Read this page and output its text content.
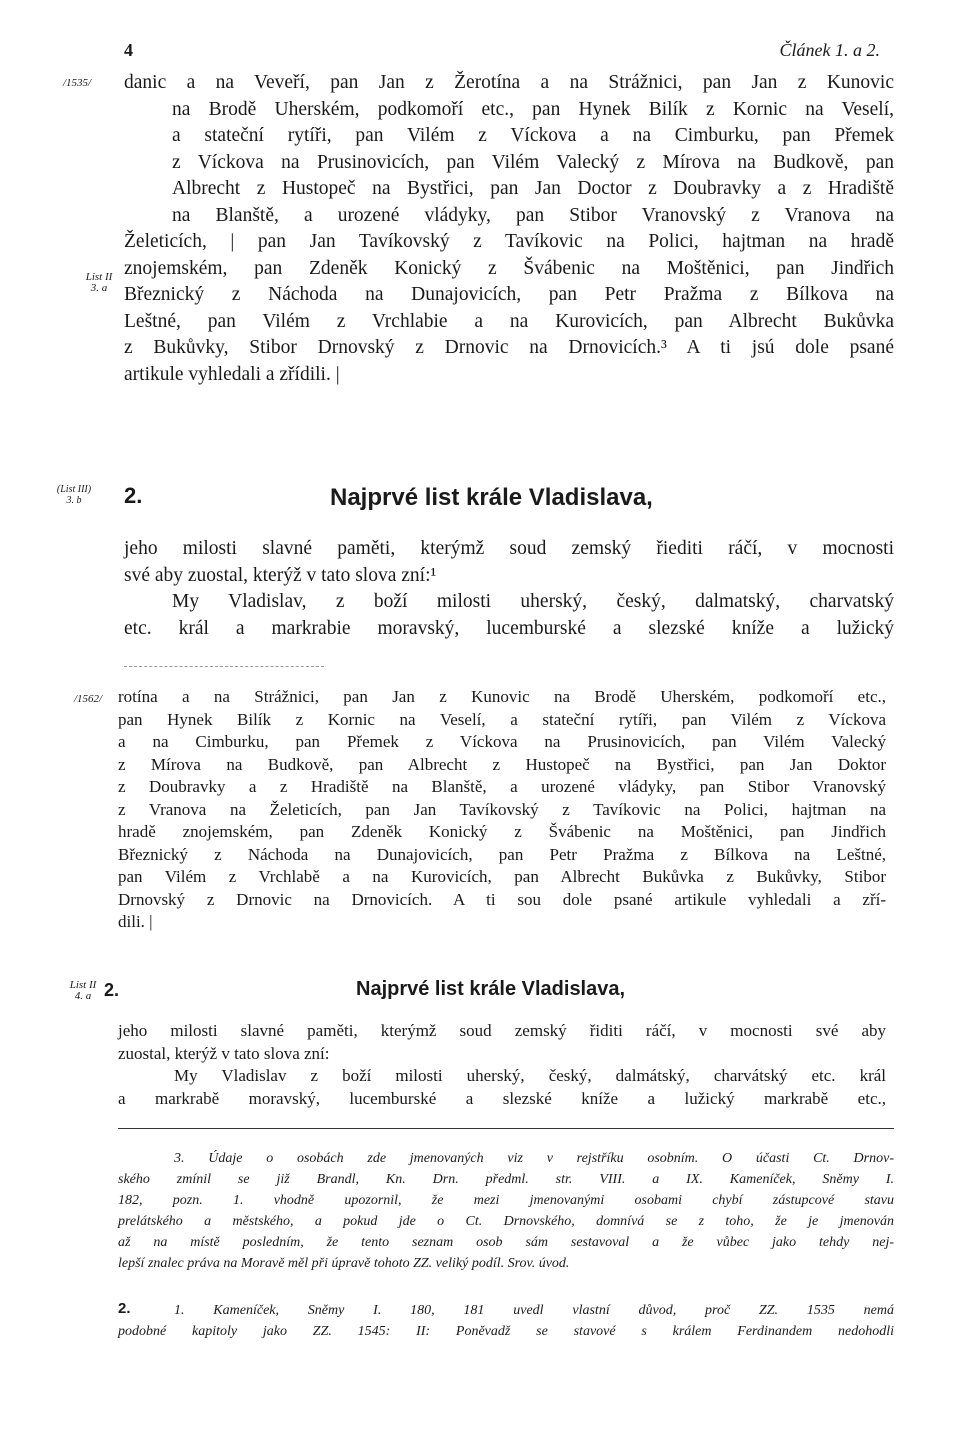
4	Článek 1. a 2.
/1535/
List II
3. a
danic a na Veveří, pan Jan z Žerotína a na Strážnici, pan Jan z Kunovic
na Brodě Uherském, podkomoří etc., pan Hynek Bilík z Kornic na Veselí,
a stateční rytíři, pan Vilém z Víckova a na Cimburku, pan Přemek
z Víckova na Prusinovicích, pan Vilém Valecký z Mírova na Budkově, pan
Albrecht z Hustopeč na Bystřici, pan Jan Doctor z Doubravky a z Hradiště
na Blanště, a urozené vládyky, pan Stibor Vranovský z Vranova na
Želeticích, | pan Jan Tavíkovský z Tavíkovic na Polici, hajtman na hradě
znojemském, pan Zdeněk Konický z Švábenic na Moštěnici, pan Jindřich
Březnický z Náchoda na Dunajovicích, pan Petr Pražma z Bílkova na
Leštné, pan Vilém z Vrchlabie a na Kurovicích, pan Albrecht Bukůvka
z Bukůvky, Stibor Drnovský z Drnovic na Drnovicích.³ A ti jsú dole psané
artikule vyhledali a zřídili. |
(List III)
3. b	2.	Najprvé list krále Vladislava,
jeho milosti slavné paměti, kterýmž soud zemský řiediti ráčí, v mocnosti
své aby zuostal, kterýž v tato slova zní:¹
My Vladislav, z boží milosti uherský, český, dalmatský, charvatský
etc. král a markrabie moravský, lucemburské a slezské kníže a lužický
/1562/ rotína a na Strážnici, pan Jan z Kunovic na Brodě Uherském, podkomoří etc.,
pan Hynek Bilík z Kornic na Veselí, a stateční rytíři, pan Vilém z Víckova
a na Cimburku, pan Přemek z Víckova na Prusinovicích, pan Vilém Valecký
z Mírova na Budkově, pan Albrecht z Hustopeč na Bystřici, pan Jan Doktor
z Doubravky a z Hradiště na Blanště, a urozené vládyky, pan Stibor Vranovský
z Vranova na Želeticích, pan Jan Tavíkovský z Tavíkovic na Polici, hajtman na
hradě znojemském, pan Zdeněk Konický z Švábenic na Moštěnici, pan Jindřich
Březnický z Náchoda na Dunajovicích, pan Petr Pražma z Bílkova na Leštné,
pan Vilém z Vrchlabě a na Kurovicích, pan Albrecht Bukůvka z Bukůvky, Stibor
Drnovský z Drnovic na Drnovicích. A ti sou dole psané artikule vyhledali a zří-
dili. |
List II
4. a 2.	Najprvé list krále Vladislava,
jeho milosti slavné paměti, kterýmž soud zemský řiditi ráčí, v mocnosti své aby
zuostal, kterýž v tato slova zní:
My Vladislav z boží milosti uherský, český, dalmátský, charvátský etc. král
a markrabě moravský, lucemburské a slezské kníže a lužický markrabě etc.,
3. Údaje o osobách zde jmenovaných viz v rejstříku osobním. O účasti Ct. Drnov-
ského zmínil se již Brandl, Kn. Drn. předml. str. VIII. a IX. Kameníček, Sněmy I.
182, pozn. 1. vhodně upozornil, že mezi jmenovanými osobami chybí zástupcové stavu
prelátského a městského, a pokud jde o Ct. Drnovského, domnívá se z toho, že je jmenován
až na místě posledním, že tento seznam osob sám sestavoval a že vůbec jako tehdy nej-
lepší znalec práva na Moravě měl při úpravě tohoto ZZ. veliký podíl. Srov. úvod.
2.	1. Kameníček, Sněmy I. 180, 181 uvedl vlastní důvod, proč ZZ. 1535 nemá
podobné kapitoly jako ZZ. 1545: II: Poněvadž se stavové s králem Ferdinandem nedohodli
